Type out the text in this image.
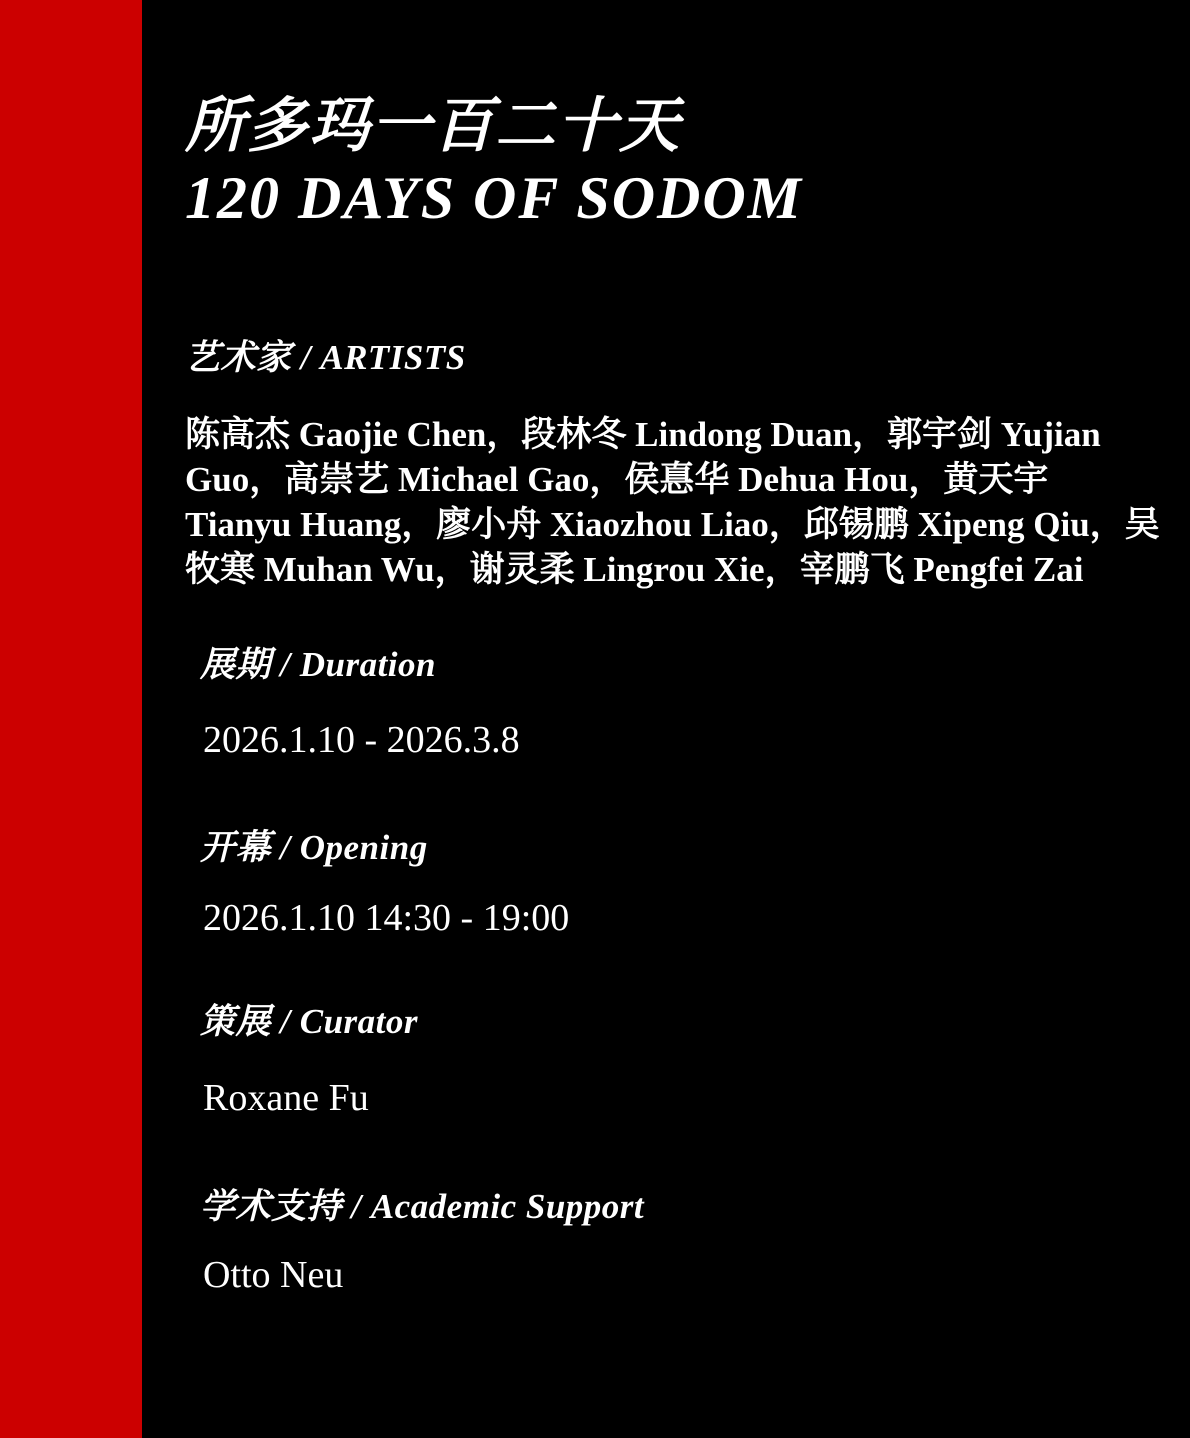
所多玛一百二十天
120 DAYS OF SODOM
艺术家 / ARTISTS
陈高杰 Gaojie Chen，段林冬 Lindong Duan，郭宇剑 Yujian Guo，高崇艺 Michael Gao，侯惪华 Dehua Hou，黄天宇 Tianyu Huang，廖小舟 Xiaozhou Liao，邱锡鹏 Xipeng Qiu，吴牧寒 Muhan Wu，谢灵柔 Lingrou Xie，宰鹏飞 Pengfei Zai
展期 / Duration
2026.1.10 - 2026.3.8
开幕 / Opening
2026.1.10 14:30 - 19:00
策展 / Curator
Roxane Fu
学术支持 / Academic Support
Otto Neu
